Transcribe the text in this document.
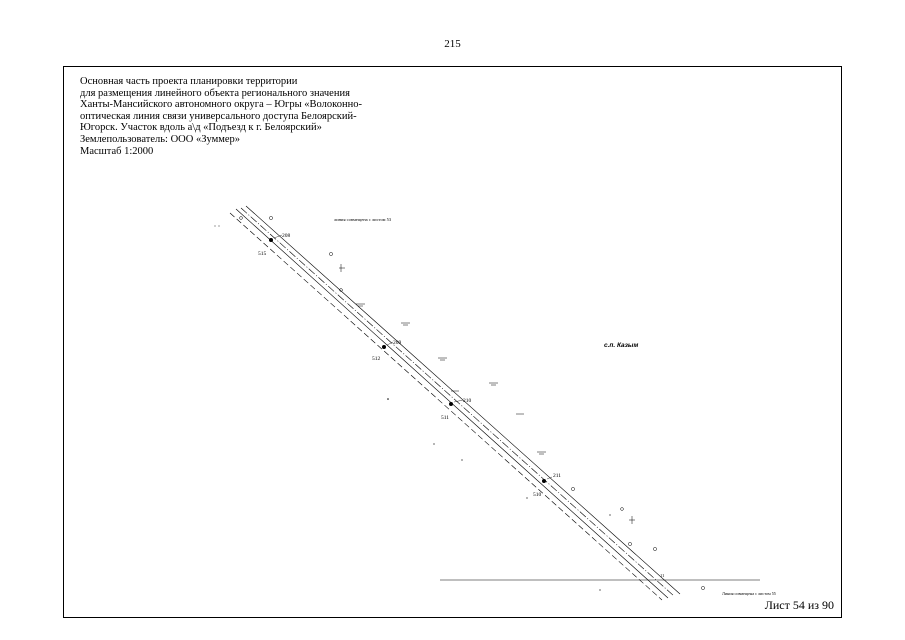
215
208
515
209
512
210
511
211
510
с.п. Казым
линия совмещена с листом 53
Линия совмещена с листом 55
11
Основная часть проекта планировки территории
для размещения линейного объекта регионального значения
Ханты-Мансийского автономного округа – Югры «Волоконно-
оптическая линия связи универсального доступа Белоярский-
Югорск. Участок вдоль а\д «Подъезд к г. Белоярский»
Землепользователь: ООО «Зуммер»
Масштаб 1:2000
Лист 54 из 90
